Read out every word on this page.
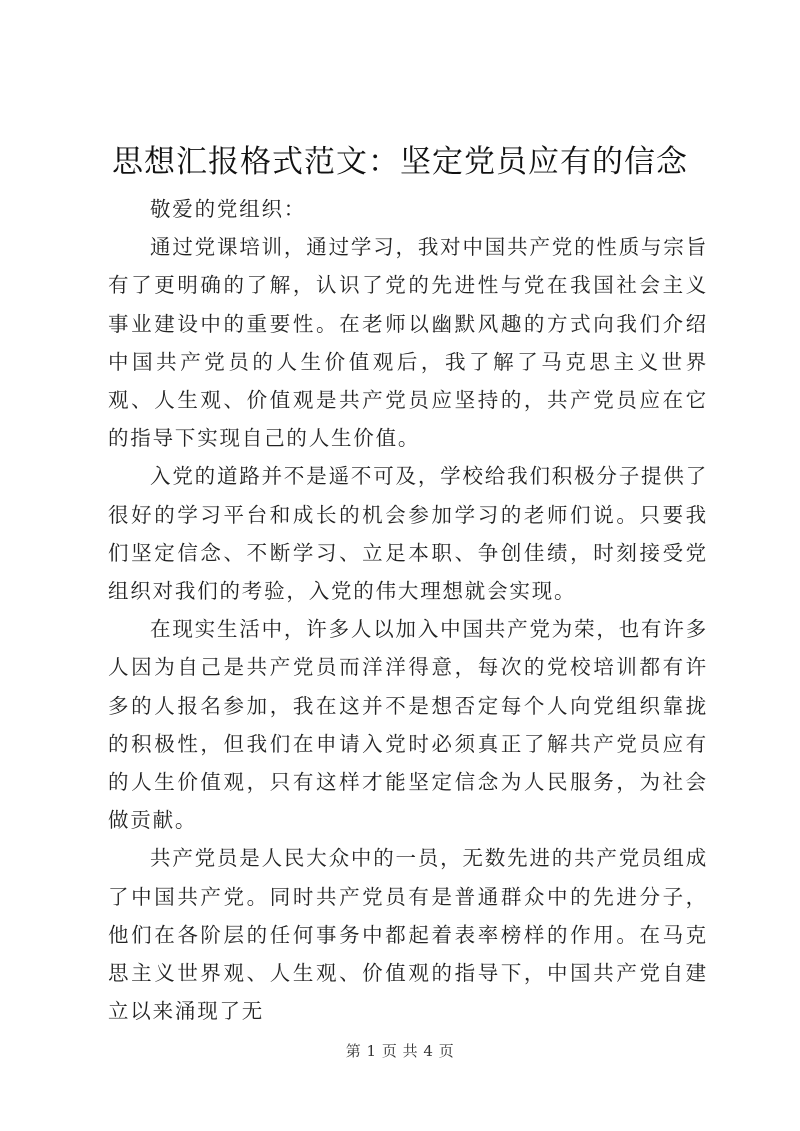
思想汇报格式范文：坚定党员应有的信念

敬爱的党组织：

通过党课培训，通过学习，我对中国共产党的性质与宗旨有了更明确的了解，认识了党的先进性与党在我国社会主义事业建设中的重要性。在老师以幽默风趣的方式向我们介绍中国共产党员的人生价值观后，我了解了马克思主义世界观、人生观、价值观是共产党员应坚持的，共产党员应在它的指导下实现自己的人生价值。

入党的道路并不是遥不可及，学校给我们积极分子提供了很好的学习平台和成长的机会参加学习的老师们说。只要我们坚定信念、不断学习、立足本职、争创佳绩，时刻接受党组织对我们的考验，入党的伟大理想就会实现。

在现实生活中，许多人以加入中国共产党为荣，也有许多人因为自己是共产党员而洋洋得意，每次的党校培训都有许多的人报名参加，我在这并不是想否定每个人向党组织靠拢的积极性，但我们在申请入党时必须真正了解共产党员应有的人生价值观，只有这样才能坚定信念为人民服务，为社会做贡献。

共产党员是人民大众中的一员，无数先进的共产党员组成了中国共产党。同时共产党员有是普通群众中的先进分子，他们在各阶层的任何事务中都起着表率榜样的作用。在马克思主义世界观、人生观、价值观的指导下，中国共产党自建立以来涌现了无

第 1 页 共 4 页
